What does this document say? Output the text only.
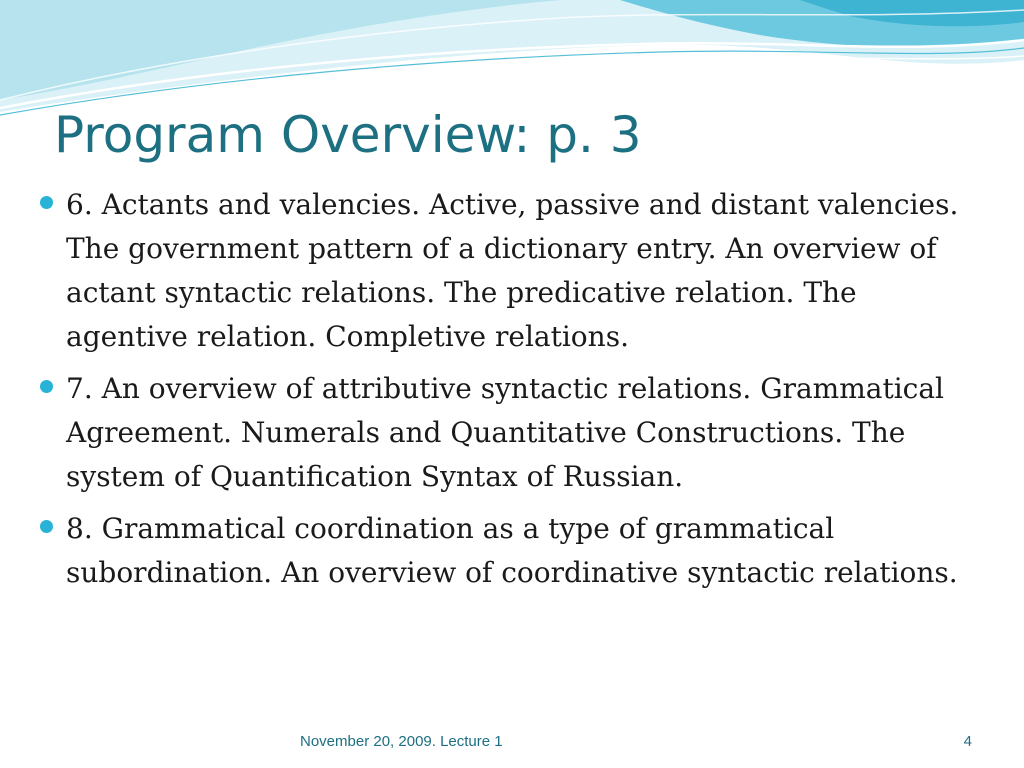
Program Overview: p. 3
6. Actants and valencies. Active, passive and distant valencies. The government pattern of a dictionary entry. An overview of actant syntactic relations. The predicative relation. The agentive relation. Completive relations.
7. An overview of attributive syntactic relations. Grammatical Agreement. Numerals and Quantitative Constructions. The system of Quantification Syntax of Russian.
8. Grammatical coordination as a type of grammatical subordination. An overview of coordinative syntactic relations.
November 20, 2009. Lecture 1	4
